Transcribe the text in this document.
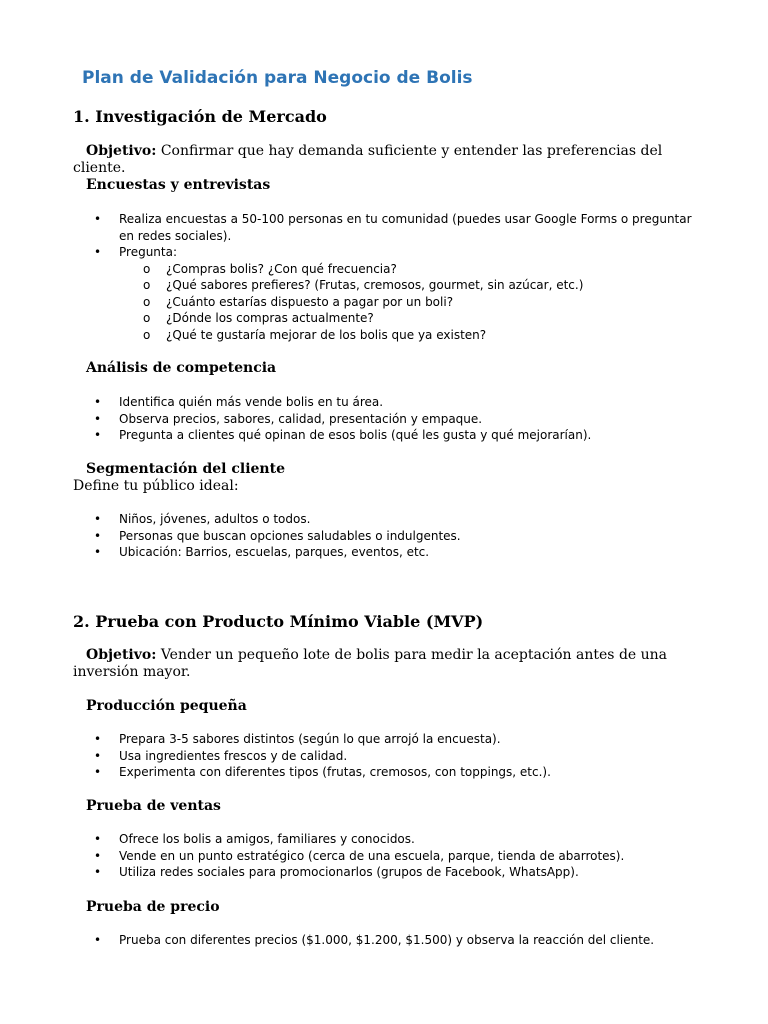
Plan de Validación para Negocio de Bolis
1. Investigación de Mercado
Objetivo: Confirmar que hay demanda suficiente y entender las preferencias del cliente.
Encuestas y entrevistas
• Realiza encuestas a 50-100 personas en tu comunidad (puedes usar Google Forms o preguntar en redes sociales).
• Pregunta:
o ¿Compras bolis? ¿Con qué frecuencia?
o ¿Qué sabores prefieres? (Frutas, cremosos, gourmet, sin azúcar, etc.)
o ¿Cuánto estarías dispuesto a pagar por un boli?
o ¿Dónde los compras actualmente?
o ¿Qué te gustaría mejorar de los bolis que ya existen?
Análisis de competencia
• Identifica quién más vende bolis en tu área.
• Observa precios, sabores, calidad, presentación y empaque.
• Pregunta a clientes qué opinan de esos bolis (qué les gusta y qué mejorarían).
Segmentación del cliente
Define tu público ideal:
• Niños, jóvenes, adultos o todos.
• Personas que buscan opciones saludables o indulgentes.
• Ubicación: Barrios, escuelas, parques, eventos, etc.
2. Prueba con Producto Mínimo Viable (MVP)
Objetivo: Vender un pequeño lote de bolis para medir la aceptación antes de una inversión mayor.
Producción pequeña
• Prepara 3-5 sabores distintos (según lo que arrojó la encuesta).
• Usa ingredientes frescos y de calidad.
• Experimenta con diferentes tipos (frutas, cremosos, con toppings, etc.).
Prueba de ventas
• Ofrece los bolis a amigos, familiares y conocidos.
• Vende en un punto estratégico (cerca de una escuela, parque, tienda de abarrotes).
• Utiliza redes sociales para promocionarlos (grupos de Facebook, WhatsApp).
Prueba de precio
• Prueba con diferentes precios ($1.000, $1.200, $1.500) y observa la reacción del cliente.
